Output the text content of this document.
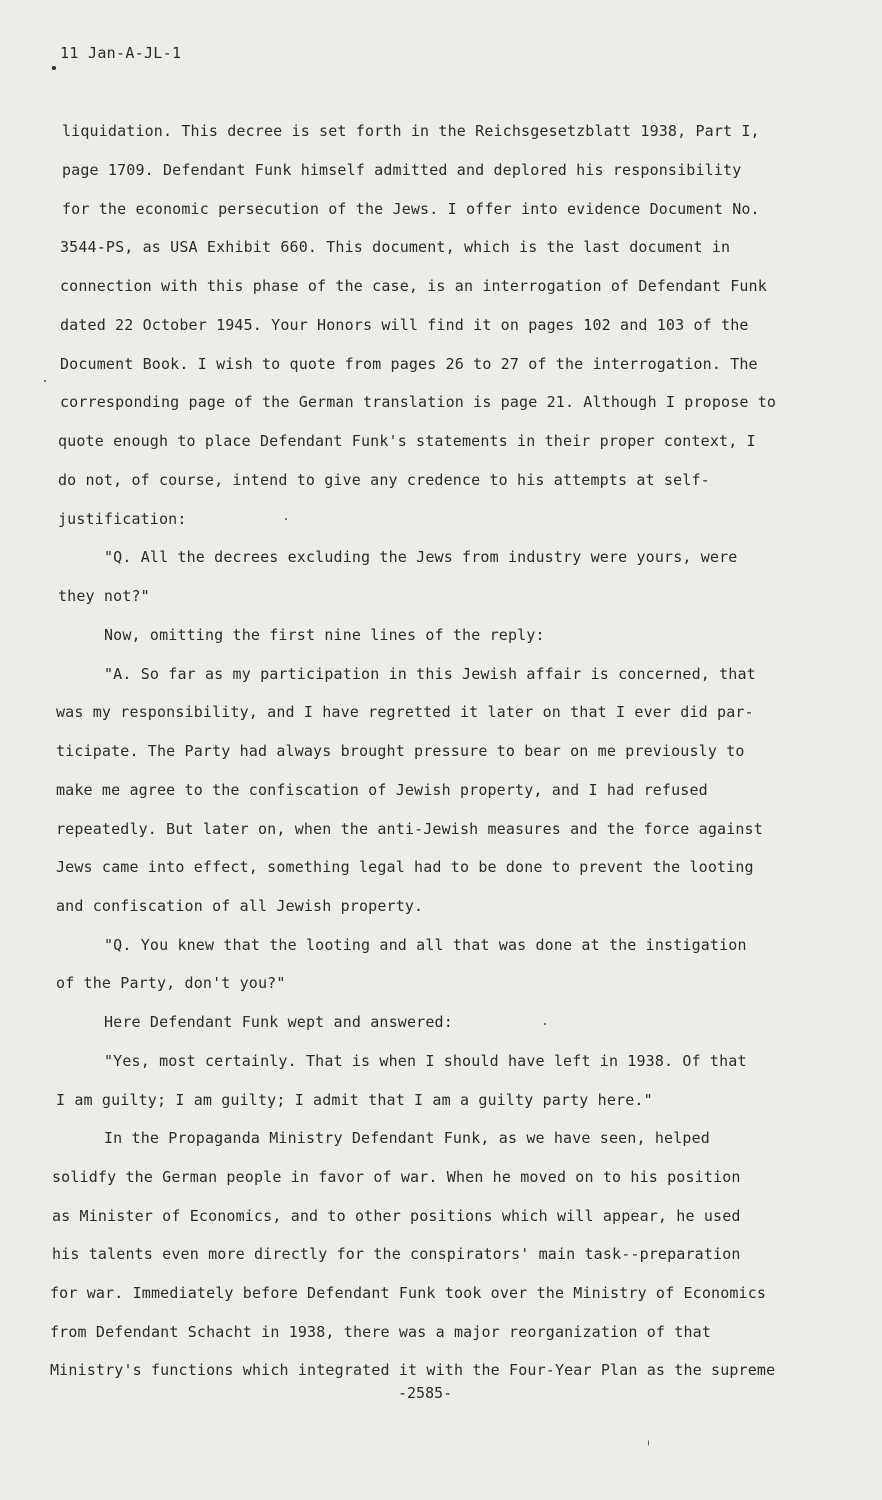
11 Jan-A-JL-1
liquidation. This decree is set forth in the Reichsgesetzblatt 1938, Part I,
page 1709. Defendant Funk himself admitted and deplored his responsibility
for the economic persecution of the Jews. I offer into evidence Document No.
3544-PS, as USA Exhibit 660. This document, which is the last document in
connection with this phase of the case, is an interrogation of Defendant Funk
dated 22 October 1945. Your Honors will find it on pages 102 and 103 of the
Document Book. I wish to quote from pages 26 to 27 of the interrogation. The
corresponding page of the German translation is page 21. Although I propose to
quote enough to place Defendant Funk's statements in their proper context, I
do not, of course, intend to give any credence to his attempts at self-
justification:
"Q. All the decrees excluding the Jews from industry were yours, were
they not?"
Now, omitting the first nine lines of the reply:
"A. So far as my participation in this Jewish affair is concerned, that
was my responsibility, and I have regretted it later on that I ever did par-
ticipate. The Party had always brought pressure to bear on me previously to
make me agree to the confiscation of Jewish property, and I had refused
repeatedly. But later on, when the anti-Jewish measures and the force against
Jews came into effect, something legal had to be done to prevent the looting
and confiscation of all Jewish property.
"Q. You knew that the looting and all that was done at the instigation
of the Party, don't you?"
Here Defendant Funk wept and answered:
"Yes, most certainly. That is when I should have left in 1938. Of that
I am guilty; I am guilty; I admit that I am a guilty party here."
In the Propaganda Ministry Defendant Funk, as we have seen, helped
solidfy the German people in favor of war. When he moved on to his position
as Minister of Economics, and to other positions which will appear, he used
his talents even more directly for the conspirators' main task--preparation
for war. Immediately before Defendant Funk took over the Ministry of Economics
from Defendant Schacht in 1938, there was a major reorganization of that
Ministry's functions which integrated it with the Four-Year Plan as the supreme
-2585-
